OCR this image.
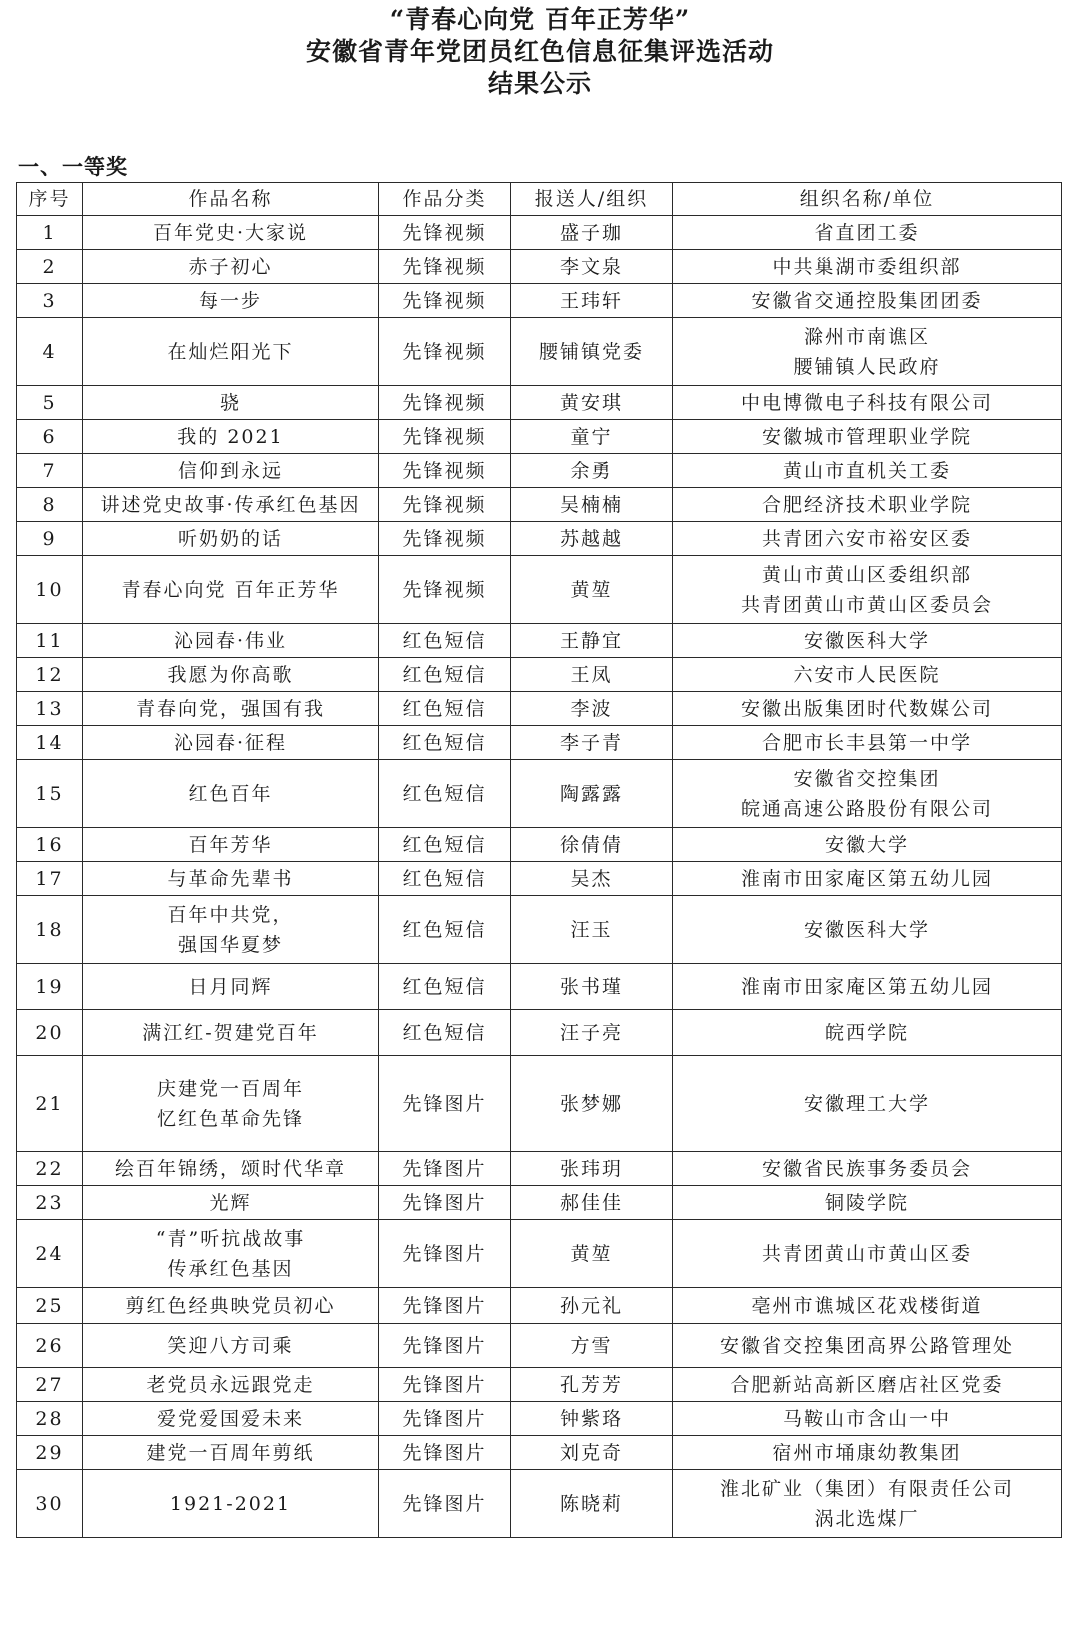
“青春心向党 百年正芳华”
安徽省青年党团员红色信息征集评选活动
结果公示
一、一等奖
序号	作品名称	作品分类	报送人/组织	组织名称/单位
1	百年党史·大家说	先锋视频	盛子珈	省直团工委

2	赤子初心	先锋视频	李文泉	中共巢湖市委组织部

3	每一步	先锋视频	王玮轩	安徽省交通控股集团团委

4	在灿烂阳光下	先锋视频	腰铺镇党委	滁州市南谯区
腰铺镇人民政府

5	骁	先锋视频	黄安琪	中电博微电子科技有限公司

6	我的 2021	先锋视频	童宁	安徽城市管理职业学院

7	信仰到永远	先锋视频	余勇	黄山市直机关工委

8	讲述党史故事·传承红色基因	先锋视频	吴楠楠	合肥经济技术职业学院

9	听奶奶的话	先锋视频	苏越越	共青团六安市裕安区委

10	青春心向党 百年正芳华	先锋视频	黄堃	黄山市黄山区委组织部
共青团黄山市黄山区委员会

11	沁园春·伟业	红色短信	王静宜	安徽医科大学

12	我愿为你高歌	红色短信	王凤	六安市人民医院

13	青春向党，强国有我	红色短信	李波	安徽出版集团时代数媒公司

14	沁园春·征程	红色短信	李子青	合肥市长丰县第一中学

15	红色百年	红色短信	陶露露	安徽省交控集团
皖通高速公路股份有限公司

16	百年芳华	红色短信	徐倩倩	安徽大学

17	与革命先辈书	红色短信	吴杰	淮南市田家庵区第五幼儿园

18	百年中共党，
强国华夏梦	红色短信	汪玉	安徽医科大学

19	日月同辉	红色短信	张书瑾	淮南市田家庵区第五幼儿园

20	满江红-贺建党百年	红色短信	汪子亮	皖西学院

21	庆建党一百周年
忆红色革命先锋	先锋图片	张梦娜	安徽理工大学

22	绘百年锦绣，颂时代华章	先锋图片	张玮玥	安徽省民族事务委员会

23	光辉	先锋图片	郝佳佳	铜陵学院

24	“青”听抗战故事
传承红色基因	先锋图片	黄堃	共青团黄山市黄山区委

25	剪红色经典映党员初心	先锋图片	孙元礼	亳州市谯城区花戏楼街道

26	笑迎八方司乘	先锋图片	方雪	安徽省交控集团高界公路管理处

27	老党员永远跟党走	先锋图片	孔芳芳	合肥新站高新区磨店社区党委

28	爱党爱国爱未来	先锋图片	钟紫珞	马鞍山市含山一中

29	建党一百周年剪纸	先锋图片	刘克奇	宿州市埇康幼教集团

30	1921-2021	先锋图片	陈晓莉	淮北矿业（集团）有限责任公司
涡北选煤厂
